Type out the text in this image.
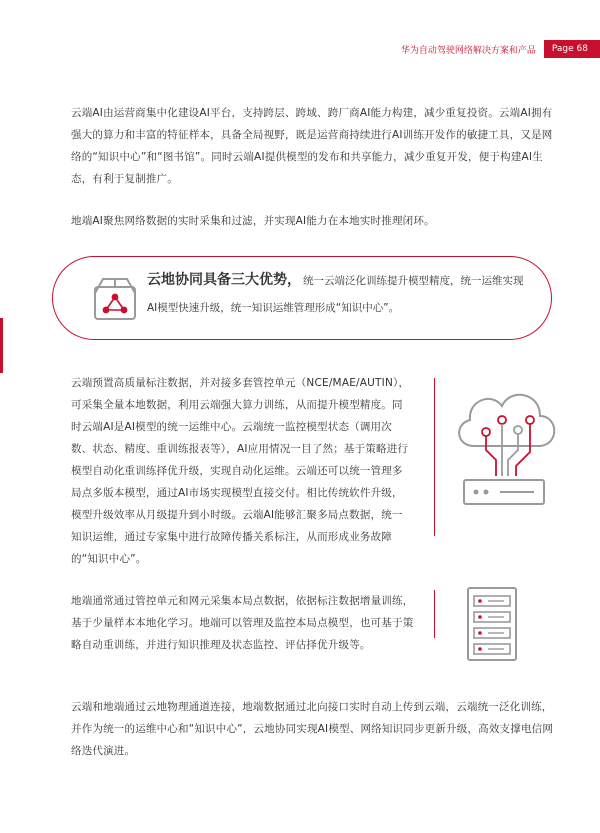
华为自动驾驶网络解决方案和产品	Page 68

云端AI由运营商集中化建设AI平台，支持跨层、跨域、跨厂商AI能力构建，减少重复投资。云端AI拥有强大的算力和丰富的特征样本，具备全局视野，既是运营商持续进行AI训练开发作的敏捷工具，又是网络的“知识中心”和“图书馆”。同时云端AI提供模型的发布和共享能力，减少重复开发，便于构建AI生态，有利于复制推广。

地端AI聚焦网络数据的实时采集和过滤，并实现AI能力在本地实时推理闭环。

云地协同具备三大优势， 统一云端泛化训练提升模型精度，统一运维实现AI模型快速升级，统一知识运维管理形成“知识中心”。

云端预置高质量标注数据，并对接多套管控单元（NCE/MAE/AUTIN），可采集全量本地数据，利用云端强大算力训练，从而提升模型精度。同时云端AI是AI模型的统一运维中心。云端统一监控模型状态（调用次数、状态、精度、重训练报表等），AI应用情况一目了然；基于策略进行模型自动化重训练择优升级，实现自动化运维。云端还可以统一管理多局点多版本模型，通过AI市场实现模型直接交付。相比传统软件升级，模型升级效率从月级提升到小时级。云端AI能够汇聚多局点数据，统一知识运维，通过专家集中进行故障传播关系标注，从而形成业务故障的“知识中心”。

地端通常通过管控单元和网元采集本局点数据，依据标注数据增量训练，基于少量样本本地化学习。地端可以管理及监控本局点模型，也可基于策略自动重训练，并进行知识推理及状态监控、评估择优升级等。

云端和地端通过云地物理通道连接，地端数据通过北向接口实时自动上传到云端，云端统一泛化训练，并作为统一的运维中心和“知识中心”，云地协同实现AI模型、网络知识同步更新升级，高效支撑电信网络迭代演进。
